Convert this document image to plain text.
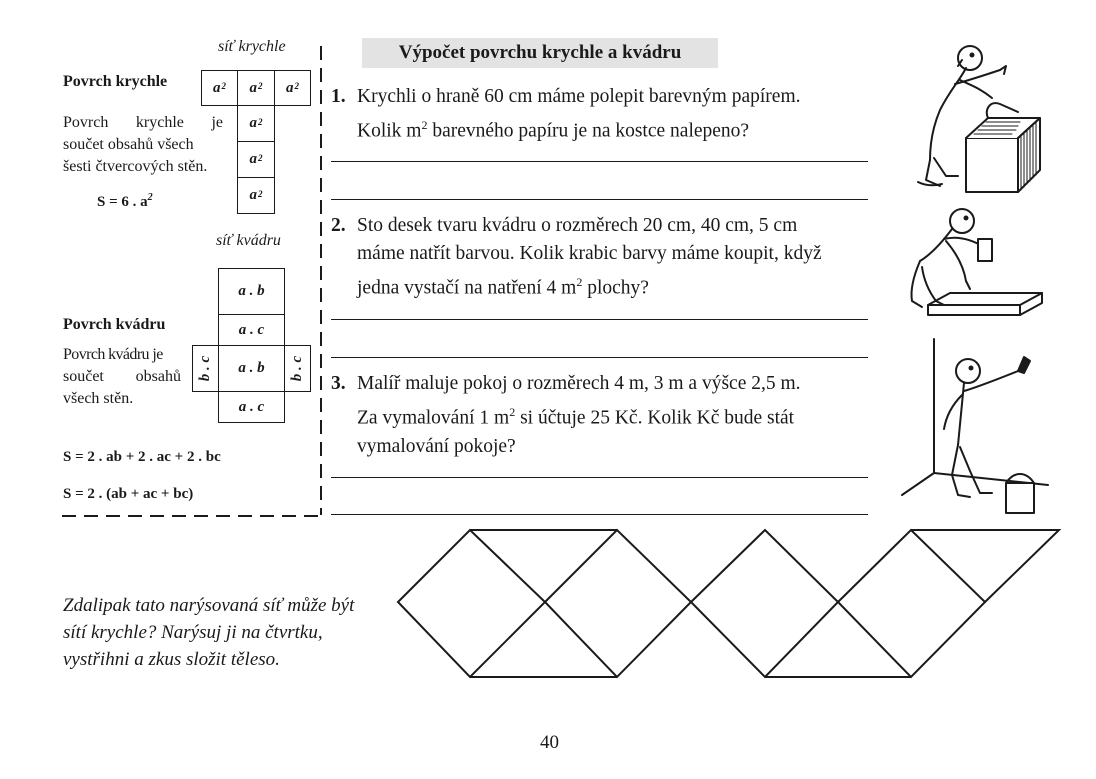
síť krychle
Povrch krychle
Povrch krychle je
součet obsahů všech
šesti čtvercových stěn.
S = 6 . $a^2$
$a^2$ $a^2$ $a^2$
$a^2$
$a^2$
$a^2$
síť kvádru
a . b
a . c
a . b
a . c
b . c	b . c
Povrch kvádru
Povrch kvádru je
součet obsahů
všech stěn.
S = 2 . ab + 2 . ac + 2 . bc
S = 2 . (ab + ac + bc)
Výpočet povrchu krychle a kvádru
1. Krychli o hraně 60 cm máme polepit barevným papírem.
Kolik $m^2$ barevného papíru je na kostce nalepeno?
2. Sto desek tvaru kvádru o rozměrech 20 cm, 40 cm, 5 cm
máme natřít barvou. Kolik krabic barvy máme koupit, když
jedna vystačí na natření 4 $m^2$ plochy?
3. Malíř maluje pokoj o rozměrech 4 m, 3 m a výšce 2,5 m.
Za vymalování 1 $m^2$ si účtuje 25 Kč. Kolik Kč bude stát
vymalování pokoje?
Zdalipak tato narýsovaná síť může být
sítí krychle? Narýsuj ji na čtvrtku,
vystřihni a zkus složit těleso.
40
